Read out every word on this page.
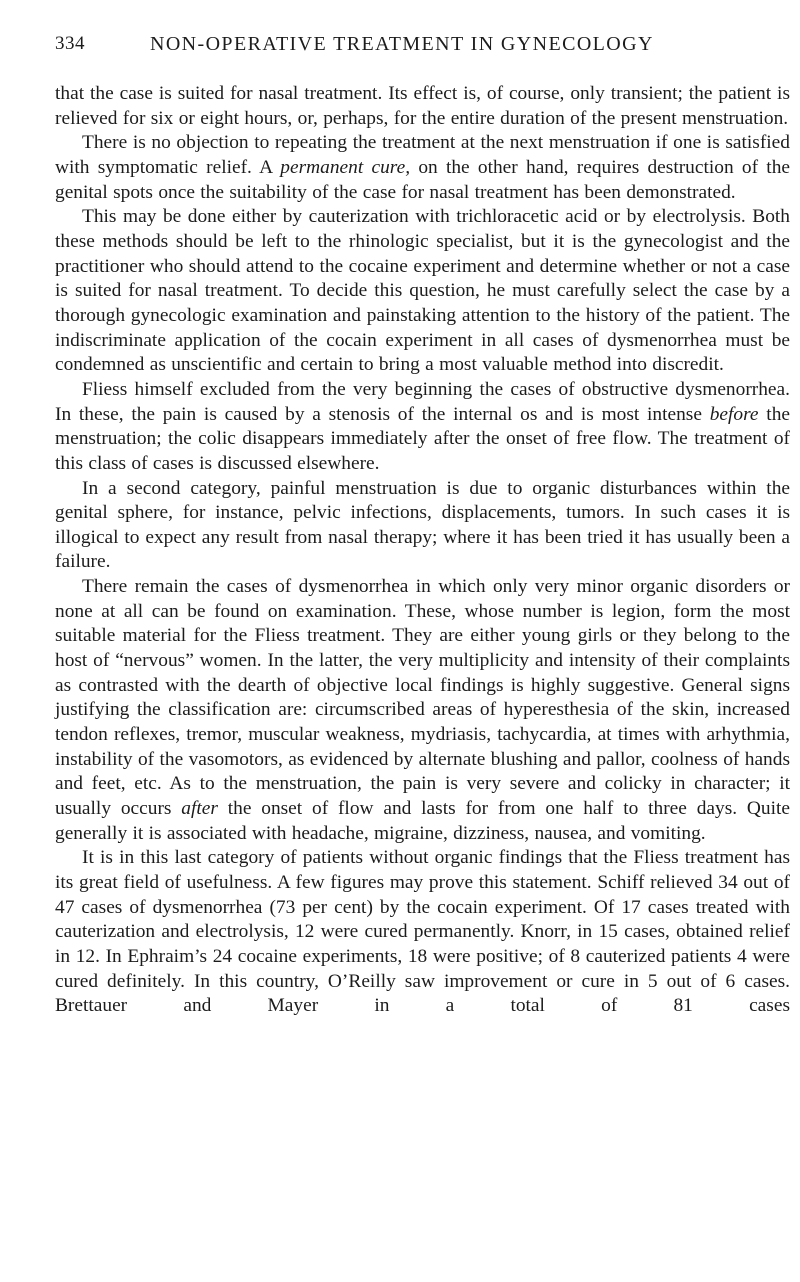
334	NON-OPERATIVE TREATMENT IN GYNECOLOGY

that the case is suited for nasal treatment. Its effect is, of course, only transient; the patient is relieved for six or eight hours, or, perhaps, for the entire duration of the present menstruation.

There is no objection to repeating the treatment at the next menstruation if one is satisfied with symptomatic relief. A permanent cure, on the other hand, requires destruction of the genital spots once the suitability of the case for nasal treatment has been demonstrated.

This may be done either by cauterization with trichloracetic acid or by electrolysis. Both these methods should be left to the rhinologic specialist, but it is the gynecologist and the practitioner who should attend to the cocaine experiment and determine whether or not a case is suited for nasal treatment. To decide this question, he must carefully select the case by a thorough gynecologic examination and painstaking attention to the history of the patient. The indiscriminate application of the cocain experiment in all cases of dysmenorrhea must be condemned as unscientific and certain to bring a most valuable method into discredit.

Fliess himself excluded from the very beginning the cases of obstructive dysmenorrhea. In these, the pain is caused by a stenosis of the internal os and is most intense before the menstruation; the colic disappears immediately after the onset of free flow. The treatment of this class of cases is discussed elsewhere.

In a second category, painful menstruation is due to organic disturbances within the genital sphere, for instance, pelvic infections, displacements, tumors. In such cases it is illogical to expect any result from nasal therapy; where it has been tried it has usually been a failure.

There remain the cases of dysmenorrhea in which only very minor organic disorders or none at all can be found on examination. These, whose number is legion, form the most suitable material for the Fliess treatment. They are either young girls or they belong to the host of “nervous” women. In the latter, the very multiplicity and intensity of their complaints as contrasted with the dearth of objective local findings is highly suggestive. General signs justifying the classification are: circumscribed areas of hyperesthesia of the skin, increased tendon reflexes, tremor, muscular weakness, mydriasis, tachycardia, at times with arhythmia, instability of the vasomotors, as evidenced by alternate blushing and pallor, coolness of hands and feet, etc. As to the menstruation, the pain is very severe and colicky in character; it usually occurs after the onset of flow and lasts for from one half to three days. Quite generally it is associated with headache, migraine, dizziness, nausea, and vomiting.

It is in this last category of patients without organic findings that the Fliess treatment has its great field of usefulness. A few figures may prove this statement. Schiff relieved 34 out of 47 cases of dysmenorrhea (73 per cent) by the cocain experiment. Of 17 cases treated with cauterization and electrolysis, 12 were cured permanently. Knorr, in 15 cases, obtained relief in 12. In Ephraim’s 24 cocaine experiments, 18 were positive; of 8 cauterized patients 4 were cured definitely. In this country, O’Reilly saw improvement or cure in 5 out of 6 cases. Brettauer and Mayer in a total of 81 cases
